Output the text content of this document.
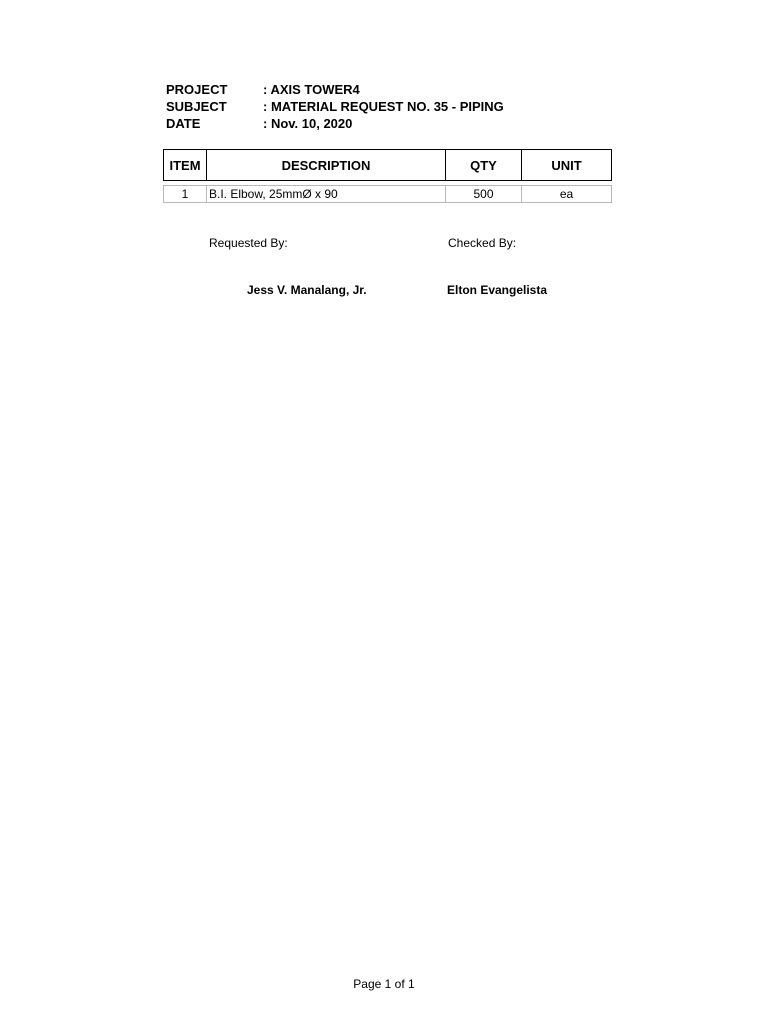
PROJECT	: AXIS TOWER4
SUBJECT	: MATERIAL REQUEST NO. 35 - PIPING
DATE	: Nov. 10, 2020
ITEM	DESCRIPTION	QTY	UNIT

1	B.I. Elbow, 25mmØ x 90	500	ea
Requested By:	Checked By:
Jess V. Manalang, Jr.	Elton Evangelista
Page 1 of 1
